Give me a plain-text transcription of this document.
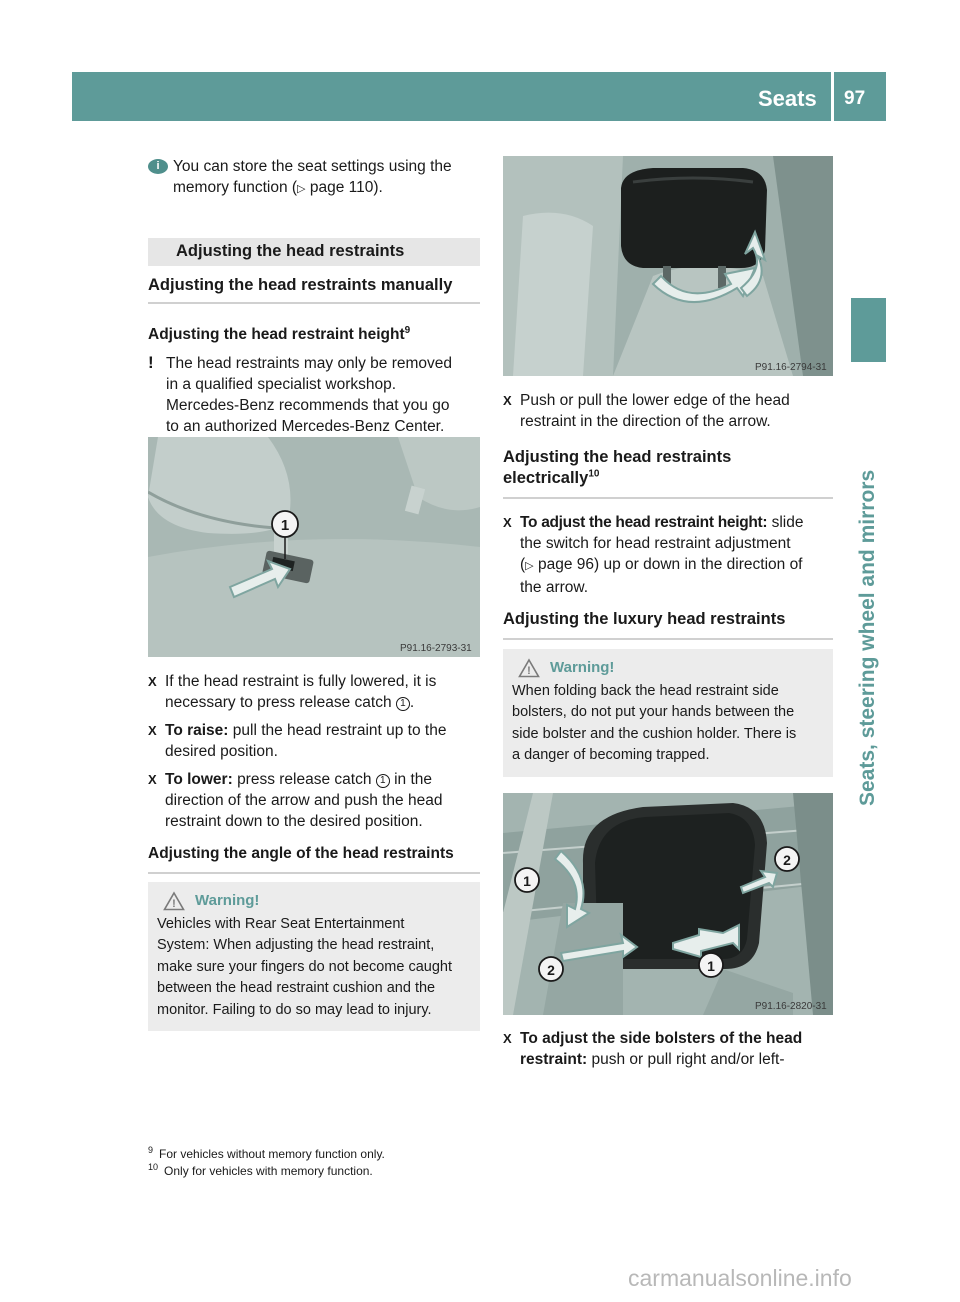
Seats 97
Seats, steering wheel and mirrors
i You can store the seat settings using the

memory function (▷ page 110).

Adjusting the head restraints
Adjusting the head restraints manually

Adjusting the head restraint height$^9$

! The head restraints may only be removed

in a qualified specialist workshop.

Mercedes-Benz recommends that you go

to an authorized Mercedes-Benz Center.

1
P91.16-2793-31
X If the head restraint is fully lowered, it is

necessary to press release catch 1 .

X To raise: pull the head restraint up to the

desired position.

X To lower: press release catch 1 in the

direction of the arrow and push the head

restraint down to the desired position.

Adjusting the angle of the head restraints
! Warning!

Vehicles with Rear Seat Entertainment

System: When adjusting the head restraint,

make sure your fingers do not become caught

between the head restraint cushion and the

monitor. Failing to do so may lead to injury.

P91.16-2794-31
X Push or pull the lower edge of the head

restraint in the direction of the arrow.

Adjusting the head restraints

electrically$^{10}$

X To adjust the head restraint height: slide

the switch for head restraint adjustment

(▷ page 96) up or down in the direction of

the arrow.

Adjusting the luxury head restraints
! Warning!

When folding back the head restraint side

bolsters, do not put your hands between the

side bolster and the cushion holder. There is

a danger of becoming trapped.

1
2
2	1
P91.16-2820-31
X To adjust the side bolsters of the head

restraint: push or pull right and/or left-

$^9$ For vehicles without memory function only.

$^{10}$ Only for vehicles with memory function.

carmanualsonline.info
